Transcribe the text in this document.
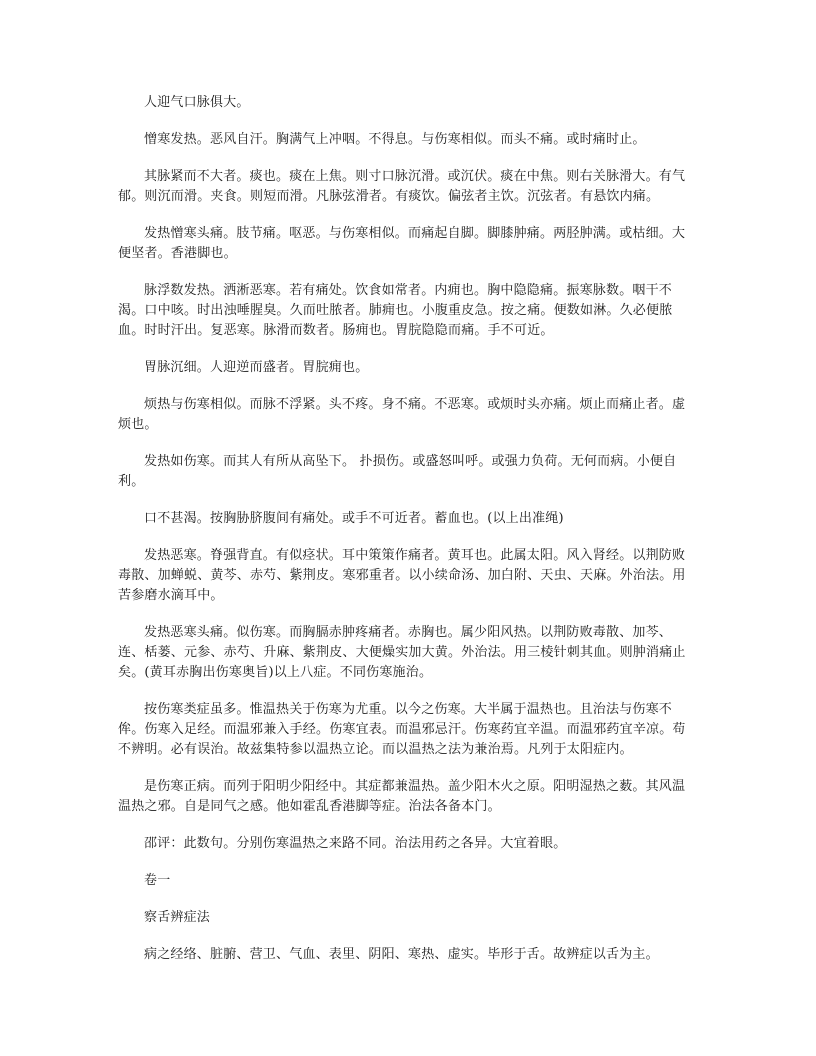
人迎气口脉俱大。

憎寒发热。恶风自汗。胸满气上冲咽。不得息。与伤寒相似。而头不痛。或时痛时止。

其脉紧而不大者。痰也。痰在上焦。则寸口脉沉滑。或沉伏。痰在中焦。则右关脉滑大。有气郁。则沉而滑。夹食。则短而滑。凡脉弦滑者。有痰饮。偏弦者主饮。沉弦者。有悬饮内痛。

发热憎寒头痛。肢节痛。呕恶。与伤寒相似。而痛起自脚。脚膝肿痛。两胫肿满。或枯细。大便坚者。香港脚也。

脉浮数发热。洒淅恶寒。若有痛处。饮食如常者。内痈也。胸中隐隐痛。振寒脉数。咽干不渴。口中咳。时出浊唾腥臭。久而吐脓者。肺痈也。小腹重皮急。按之痛。便数如淋。久必便脓血。时时汗出。复恶寒。脉滑而数者。肠痈也。胃脘隐隐而痛。手不可近。

胃脉沉细。人迎逆而盛者。胃脘痈也。

烦热与伤寒相似。而脉不浮紧。头不疼。身不痛。不恶寒。或烦时头亦痛。烦止而痛止者。虚烦也。

发热如伤寒。而其人有所从高坠下。 扑损伤。或盛怒叫呼。或强力负荷。无何而病。小便自利。

口不甚渴。按胸胁脐腹间有痛处。或手不可近者。蓄血也。(以上出准绳)

发热恶寒。脊强背直。有似痉状。耳中策策作痛者。黄耳也。此属太阳。风入肾经。以荆防败毒散、加蝉蜕、黄芩、赤芍、紫荆皮。寒邪重者。以小续命汤、加白附、天虫、天麻。外治法。用苦参磨水滴耳中。

发热恶寒头痛。似伤寒。而胸膈赤肿疼痛者。赤胸也。属少阳风热。以荆防败毒散、加芩、连、栝蒌、元参、赤芍、升麻、紫荆皮、大便燥实加大黄。外治法。用三棱针刺其血。则肿消痛止矣。(黄耳赤胸出伤寒奥旨)以上八症。不同伤寒施治。

按伤寒类症虽多。惟温热关于伤寒为尤重。以今之伤寒。大半属于温热也。且治法与伤寒不侔。伤寒入足经。而温邪兼入手经。伤寒宜表。而温邪忌汗。伤寒药宜辛温。而温邪药宜辛凉。苟不辨明。必有误治。故兹集特参以温热立论。而以温热之法为兼治焉。凡列于太阳症内。

是伤寒正病。而列于阳明少阳经中。其症都兼温热。盖少阳木火之原。阳明湿热之薮。其风温温热之邪。自是同气之感。他如霍乱香港脚等症。治法各备本门。

邵评：此数句。分别伤寒温热之来路不同。治法用药之各异。大宜着眼。

卷一

察舌辨症法

病之经络、脏腑、营卫、气血、表里、阴阳、寒热、虚实。毕形于舌。故辨症以舌为主。
